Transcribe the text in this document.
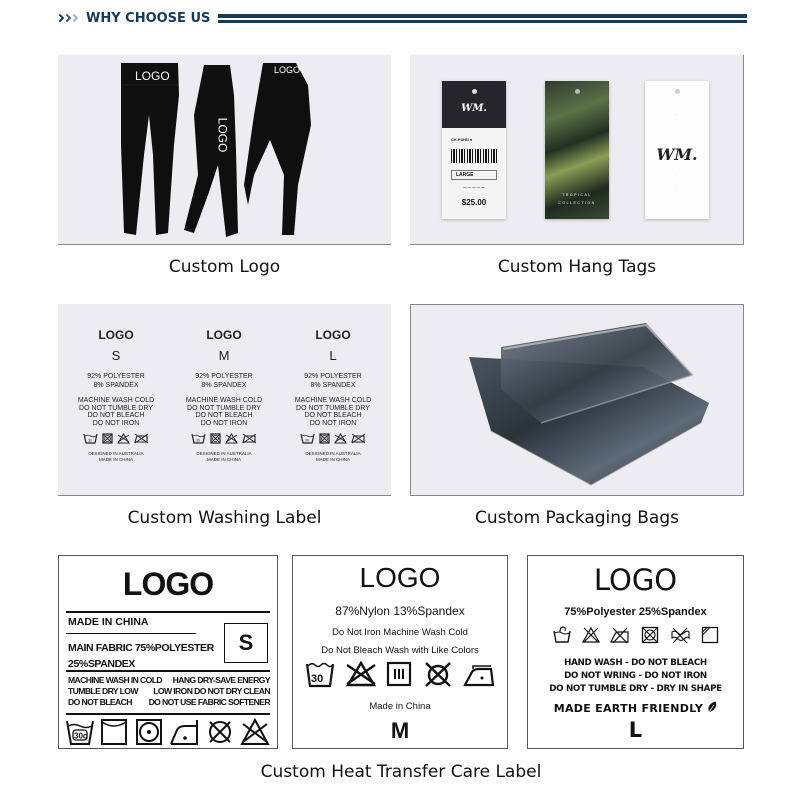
WHY CHOOSE US
LOGO
LOGO
LOGO
Custom Logo
WM.
CK.FSHN a
LARGE
— — — — —
$25.00
TROPICAL
COLLECTION
·
·
·
·
·
WM.
·
·
·
·
·
Custom Hang Tags
LOGO
S
92% POLYESTER
8% SPANDEX
MACHINE WASH COLD
DO NOT TUMBLE DRY
DO NOT BLEACH
DO NOT IRON
30
DESIGNED IN AUSTRALIA
MADE IN CHINA
LOGO
M
92% POLYESTER
8% SPANDEX
MACHINE WASH COLD
DO NOT TUMBLE DRY
DO NOT BLEACH
DO NOT IRON
30
DESIGNED IN AUSTRALIA
MADE IN CHINA
LOGO
L
92% POLYESTER
8% SPANDEX
MACHINE WASH COLD
DO NOT TUMBLE DRY
DO NOT BLEACH
DO NOT IRON
30
DESIGNED IN AUSTRALIA
MADE IN CHINA
Custom Washing Label	Custom Packaging Bags
LOGO
MADE IN CHINA
MAIN FABRIC 75%POLYESTER
25%SPANDEX
S
MACHINE WASH IN COLD HANG DRY-SAVE ENERGY
TUMBLE DRY LOW LOW IRON DO NOT DRY CLEAN
DO NOT BLEACH DO NOT USE FABRIC SOFTENER
30c
LOGO
87%Nylon 13%Spandex
Do Not Iron Machine Wash Cold
Do Not Bleach Wash with Like Colors
30
Made in China
M
LOGO
75%Polyester 25%Spandex
HAND WASH - DO NOT BLEACH
DO NOT WRING - DO NOT IRON
DO NOT TUMBLE DRY - DRY IN SHAPE
MADE EARTH FRIENDLY
L
Custom Heat Transfer Care Label
